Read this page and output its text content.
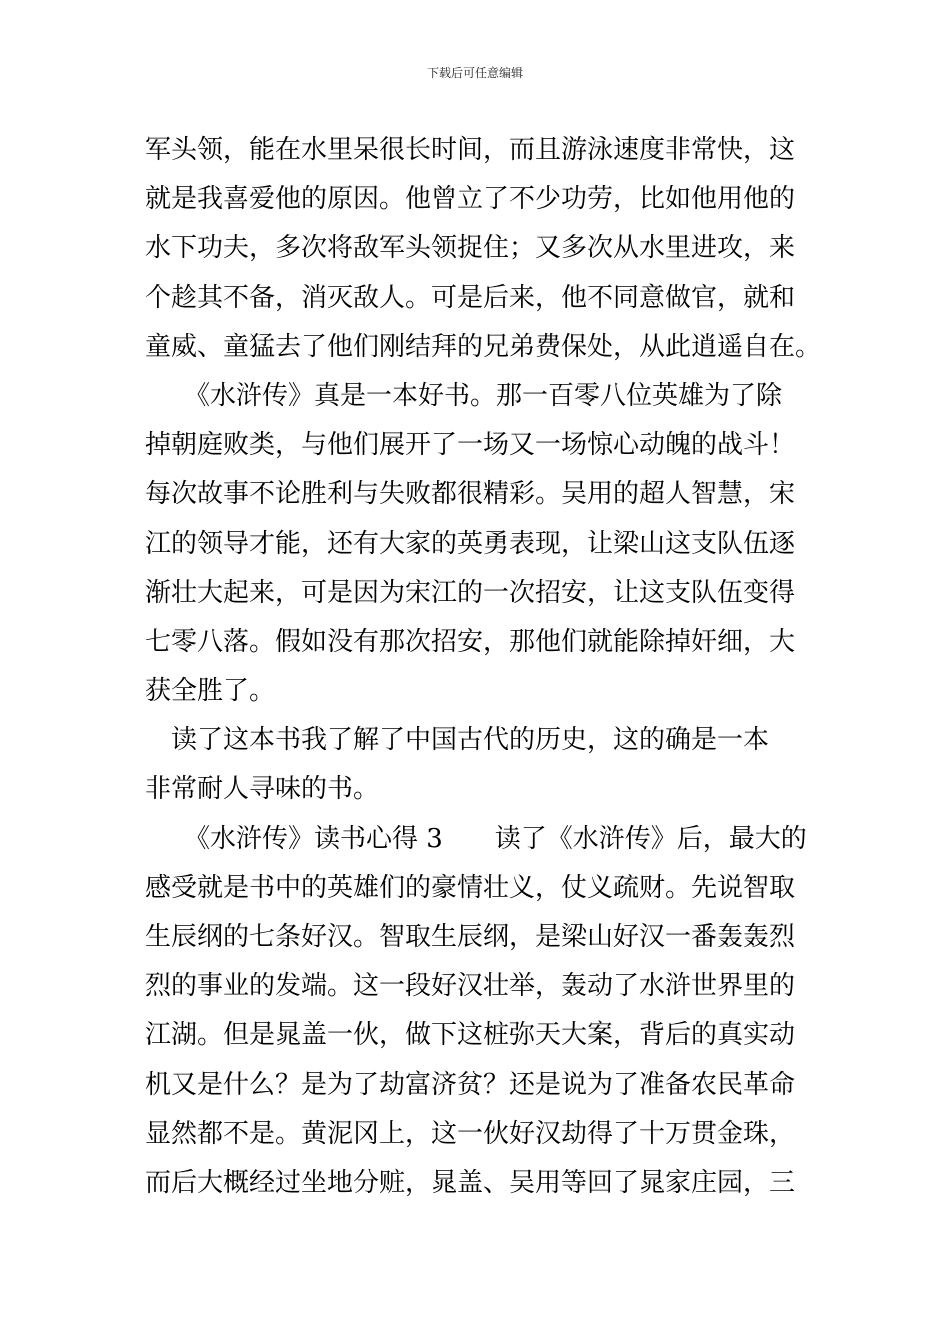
下载后可任意编辑
军头领，能在水里呆很长时间，而且游泳速度非常快，这
就是我喜爱他的原因。他曾立了不少功劳，比如他用他的
水下功夫，多次将敌军头领捉住；又多次从水里进攻，来
个趁其不备，消灭敌人。可是后来，他不同意做官，就和
童威、童猛去了他们刚结拜的兄弟费保处，从此逍遥自在。
　　《水浒传》真是一本好书。那一百零八位英雄为了除
掉朝庭败类，与他们展开了一场又一场惊心动魄的战斗！
每次故事不论胜利与失败都很精彩。吴用的超人智慧，宋
江的领导才能，还有大家的英勇表现，让梁山这支队伍逐
渐壮大起来，可是因为宋江的一次招安，让这支队伍变得
七零八落。假如没有那次招安，那他们就能除掉奸细，大
获全胜了。
　读了这本书我了解了中国古代的历史，这的确是一本
非常耐人寻味的书。
　　《水浒传》读书心得 3　　读了《水浒传》后，最大的
感受就是书中的英雄们的豪情壮义，仗义疏财。先说智取
生辰纲的七条好汉。智取生辰纲，是梁山好汉一番轰轰烈
烈的事业的发端。这一段好汉壮举，轰动了水浒世界里的
江湖。但是晁盖一伙，做下这桩弥天大案，背后的真实动
机又是什么？是为了劫富济贫？还是说为了准备农民革命
显然都不是。黄泥冈上，这一伙好汉劫得了十万贯金珠，
而后大概经过坐地分赃，晁盖、吴用等回了晁家庄园，三
